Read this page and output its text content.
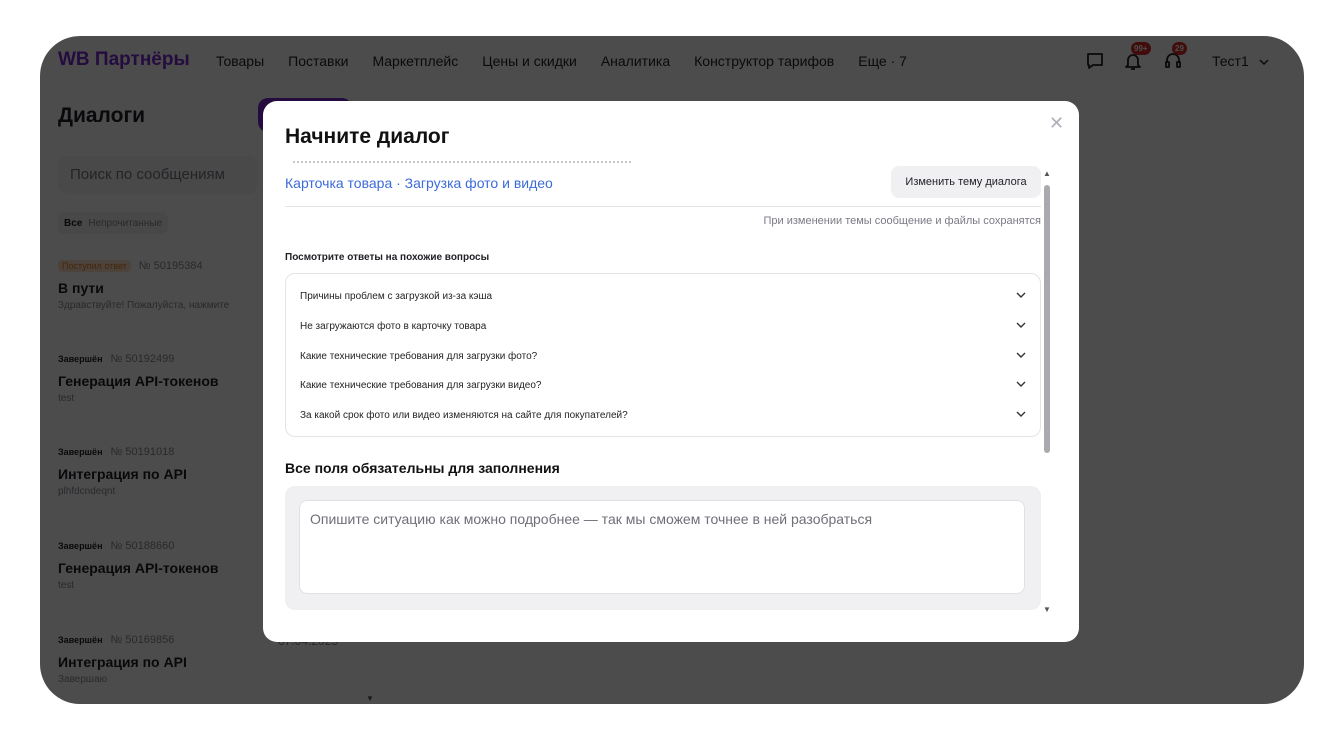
Начните диалог
✕
Карточка товара · Загрузка фото и видео	Изменить тему диалога
При изменении темы сообщение и файлы сохранятся
Посмотрите ответы на похожие вопросы
Причины проблем с загрузкой из-за кэша
Не загружаются фото в карточку товара
Какие технические требования для загрузки фото?
Какие технические требования для загрузки видео?
За какой срок фото или видео изменяются на сайте для покупателей?
Все поля обязательны для заполнения
Опишите ситуацию как можно подробнее — так мы сможем точнее в ней разобраться
▲
▼
